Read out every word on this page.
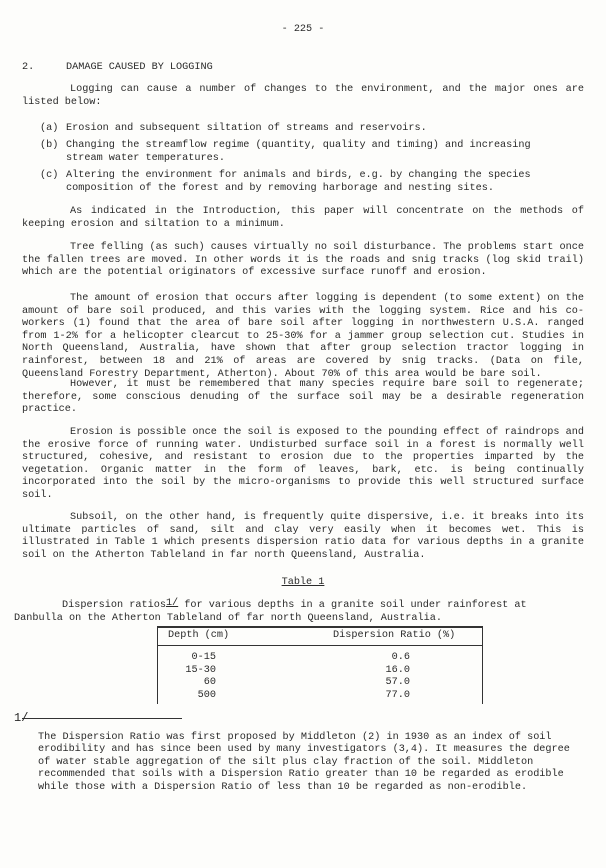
- 225 -
2.	DAMAGE CAUSED BY LOGGING
Logging can cause a number of changes to the environment, and the major ones are listed below:
(a) Erosion and subsequent siltation of streams and reservoirs.
(b) Changing the streamflow regime (quantity, quality and timing) and increasing stream water temperatures.
(c) Altering the environment for animals and birds, e.g. by changing the species composition of the forest and by removing harborage and nesting sites.
As indicated in the Introduction, this paper will concentrate on the methods of keeping erosion and siltation to a minimum.
Tree felling (as such) causes virtually no soil disturbance. The problems start once the fallen trees are moved. In other words it is the roads and snig tracks (log skid trail) which are the potential originators of excessive surface runoff and erosion.
The amount of erosion that occurs after logging is dependent (to some extent) on the amount of bare soil produced, and this varies with the logging system. Rice and his co-workers (1) found that the area of bare soil after logging in northwestern U.S.A. ranged from 1-2% for a helicopter clearcut to 25-30% for a jammer group selection cut. Studies in North Queensland, Australia, have shown that after group selection tractor logging in rainforest, between 18 and 21% of areas are covered by snig tracks. (Data on file, Queensland Forestry Department, Atherton). About 70% of this area would be bare soil.
However, it must be remembered that many species require bare soil to regenerate; therefore, some conscious denuding of the surface soil may be a desirable regeneration practice.
Erosion is possible once the soil is exposed to the pounding effect of raindrops and the erosive force of running water. Undisturbed surface soil in a forest is normally well structured, cohesive, and resistant to erosion due to the properties imparted by the vegetation. Organic matter in the form of leaves, bark, etc. is being continually incorporated into the soil by the micro-organisms to provide this well structured surface soil.
Subsoil, on the other hand, is frequently quite dispersive, i.e. it breaks into its ultimate particles of sand, silt and clay very easily when it becomes wet. This is illustrated in Table 1 which presents dispersion ratio data for various depths in a granite soil on the Atherton Tableland in far north Queensland, Australia.
Table 1
Dispersion ratios1/ for various depths in a granite soil under rainforest at Danbulla on the Atherton Tableland of far north Queensland, Australia.
Depth (cm)	Dispersion Ratio (%)
0-15	0.6
15-30	16.0
60	57.0
500	77.0
1/
The Dispersion Ratio was first proposed by Middleton (2) in 1930 as an index of soil erodibility and has since been used by many investigators (3,4). It measures the degree of water stable aggregation of the silt plus clay fraction of the soil. Middleton recommended that soils with a Dispersion Ratio greater than 10 be regarded as erodible while those with a Dispersion Ratio of less than 10 be regarded as non-erodible.
